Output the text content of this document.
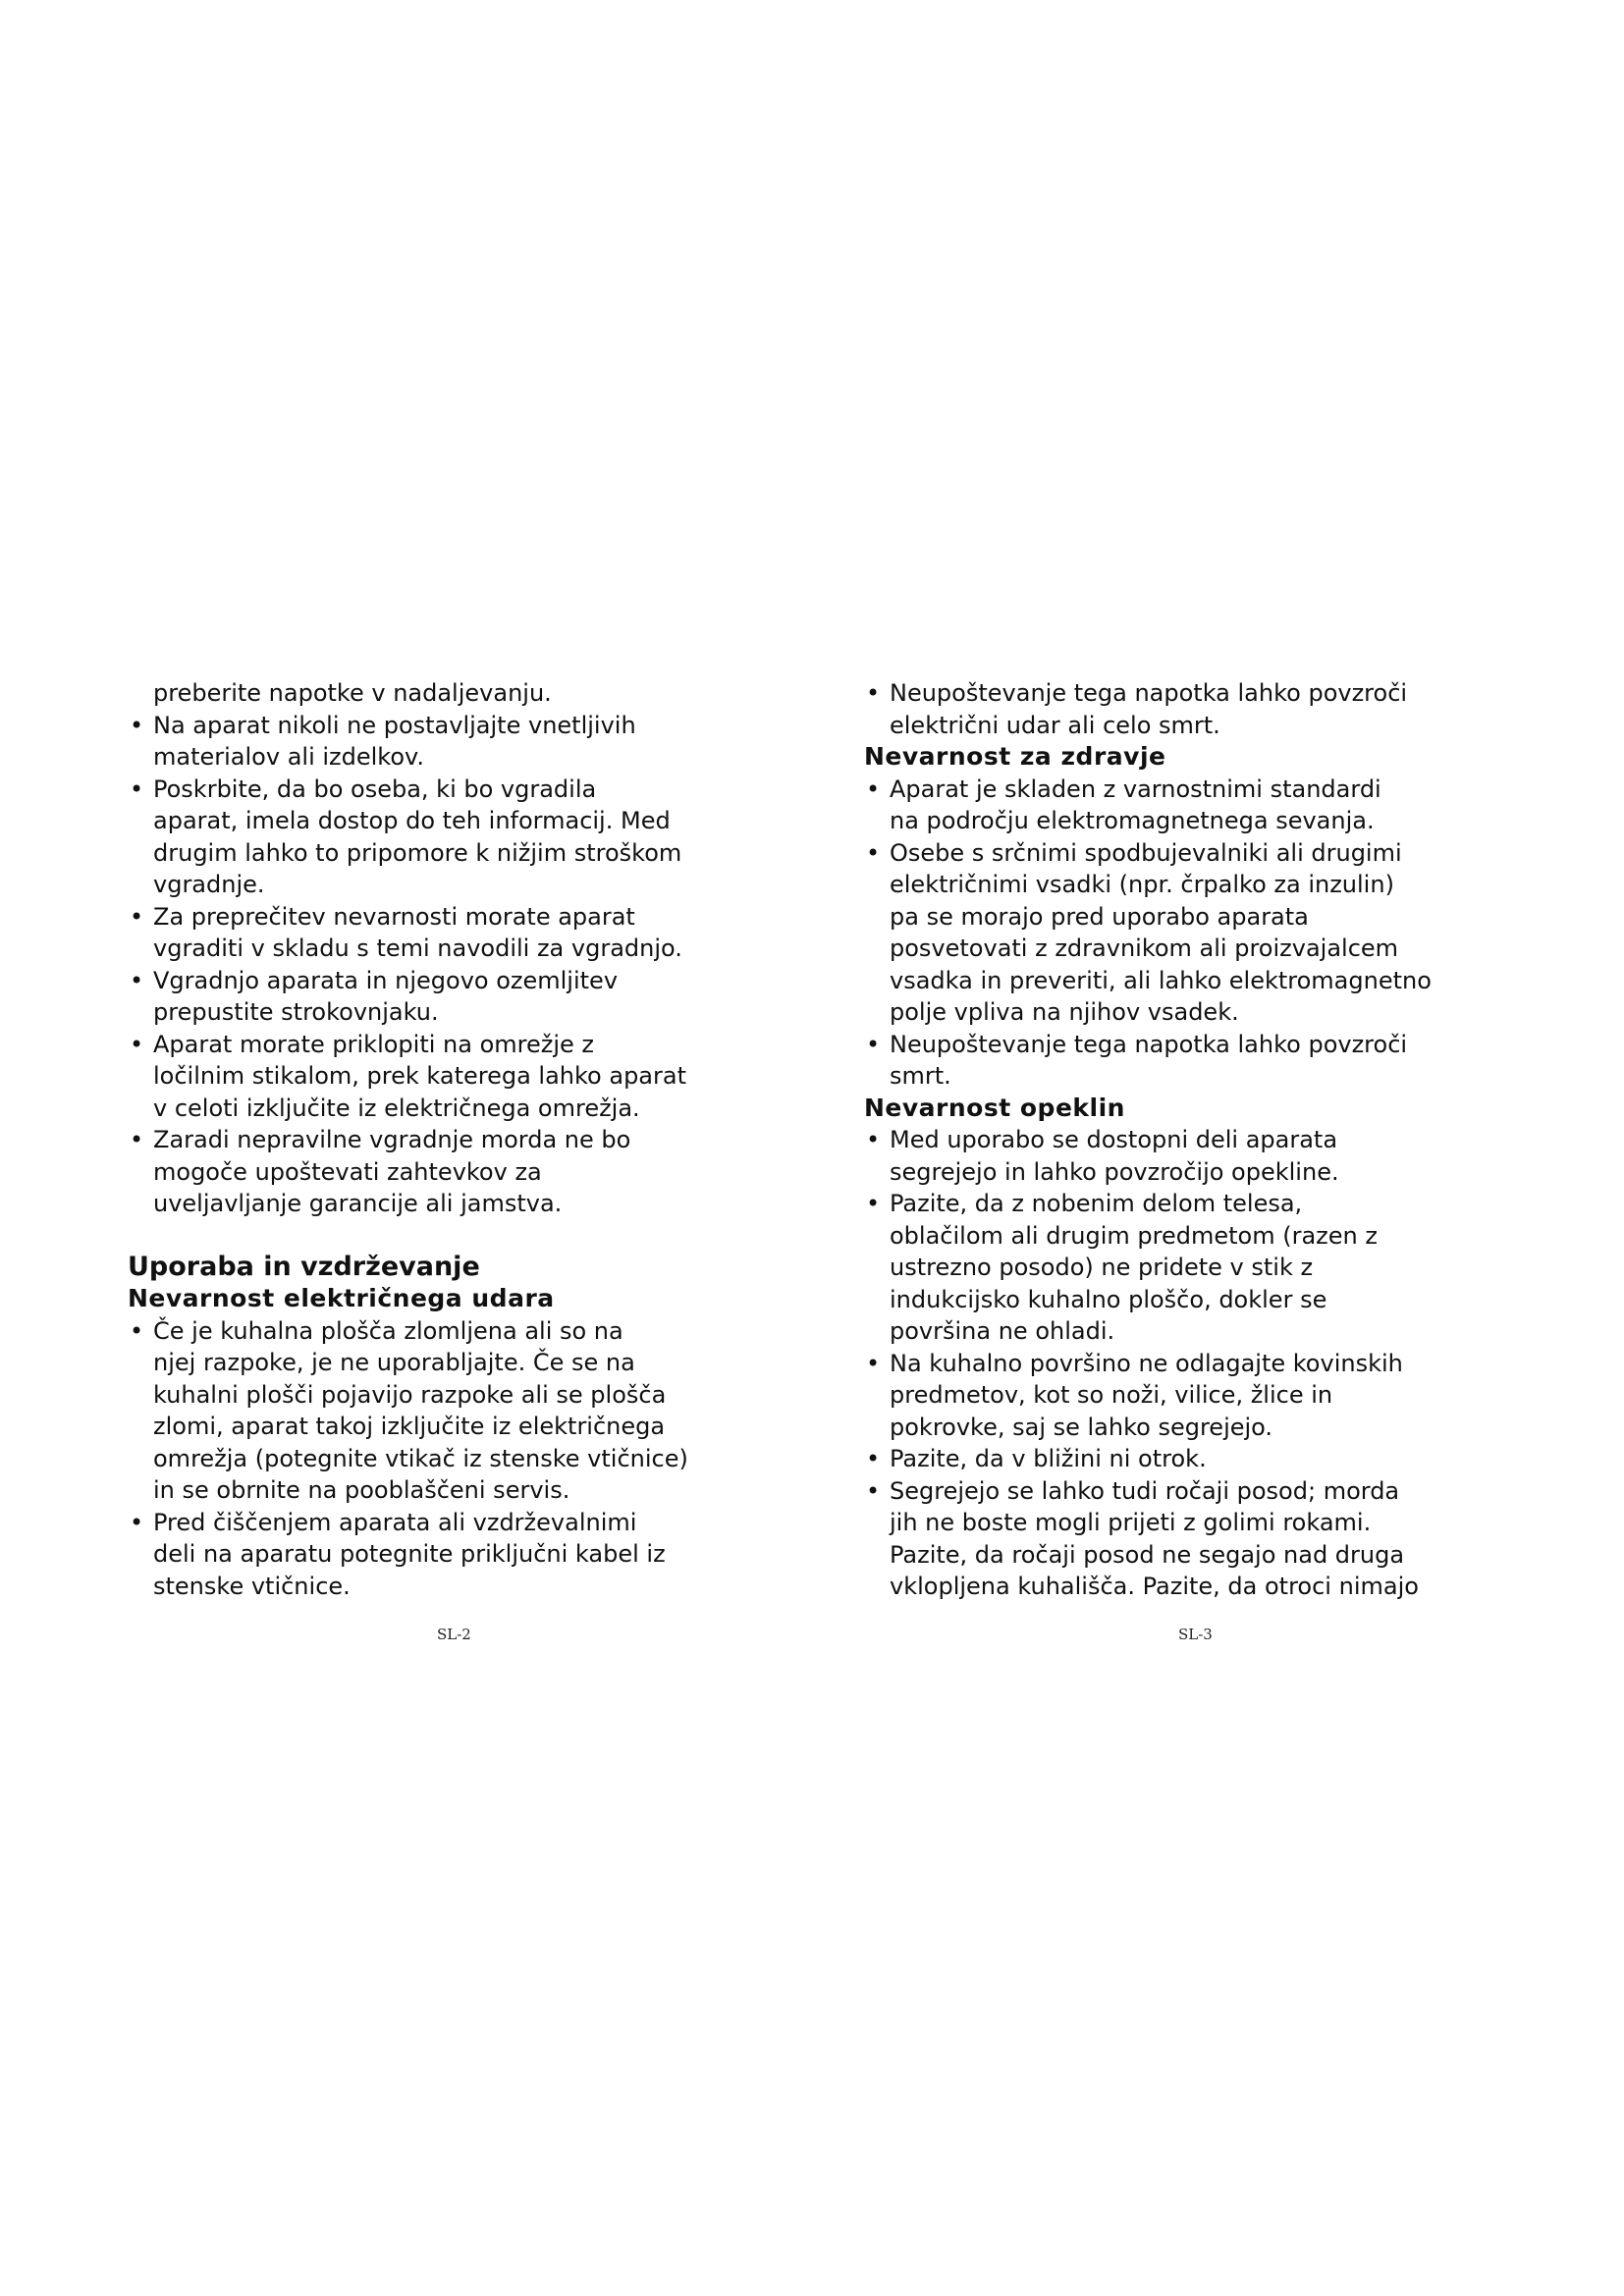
preberite napotke v nadaljevanju.

• Na aparat nikoli ne postavljajte vnetljivih

materialov ali izdelkov.

• Poskrbite, da bo oseba, ki bo vgradila

aparat, imela dostop do teh informacij. Med

drugim lahko to pripomore k nižjim stroškom

vgradnje.

• Za preprečitev nevarnosti morate aparat

vgraditi v skladu s temi navodili za vgradnjo.

• Vgradnjo aparata in njegovo ozemljitev

prepustite strokovnjaku.

• Aparat morate priklopiti na omrežje z

ločilnim stikalom, prek katerega lahko aparat

v celoti izključite iz električnega omrežja.

• Zaradi nepravilne vgradnje morda ne bo

mogoče upoštevati zahtevkov za

uveljavljanje garancije ali jamstva.

Uporaba in vzdrževanje

Nevarnost električnega udara

• Če je kuhalna plošča zlomljena ali so na

njej razpoke, je ne uporabljajte. Če se na

kuhalni plošči pojavijo razpoke ali se plošča

zlomi, aparat takoj izključite iz električnega

omrežja (potegnite vtikač iz stenske vtičnice)

in se obrnite na pooblaščeni servis.

• Pred čiščenjem aparata ali vzdrževalnimi

deli na aparatu potegnite priključni kabel iz

stenske vtičnice.

• Neupoštevanje tega napotka lahko povzroči

električni udar ali celo smrt.

Nevarnost za zdravje

• Aparat je skladen z varnostnimi standardi

na področju elektromagnetnega sevanja.

• Osebe s srčnimi spodbujevalniki ali drugimi

električnimi vsadki (npr. črpalko za inzulin)

pa se morajo pred uporabo aparata

posvetovati z zdravnikom ali proizvajalcem

vsadka in preveriti, ali lahko elektromagnetno

polje vpliva na njihov vsadek.

• Neupoštevanje tega napotka lahko povzroči

smrt.

Nevarnost opeklin

• Med uporabo se dostopni deli aparata

segrejejo in lahko povzročijo opekline.

• Pazite, da z nobenim delom telesa,

oblačilom ali drugim predmetom (razen z

ustrezno posodo) ne pridete v stik z

indukcijsko kuhalno ploščo, dokler se

površina ne ohladi.

• Na kuhalno površino ne odlagajte kovinskih

predmetov, kot so noži, vilice, žlice in

pokrovke, saj se lahko segrejejo.

• Pazite, da v bližini ni otrok.

• Segrejejo se lahko tudi ročaji posod; morda

jih ne boste mogli prijeti z golimi rokami.

Pazite, da ročaji posod ne segajo nad druga

vklopljena kuhališča. Pazite, da otroci nimajo

SL-2	SL-3
